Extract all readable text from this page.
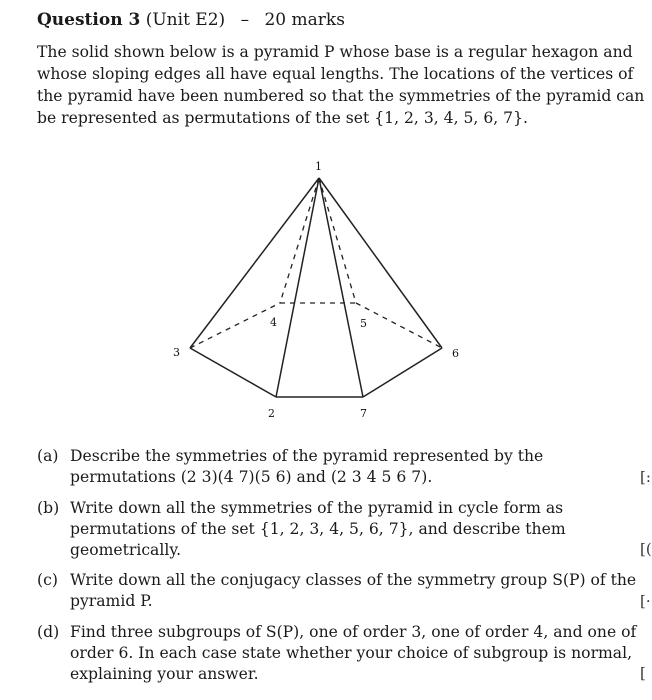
Question 3 (Unit E2) – 20 marks
The solid shown below is a pyramid P whose base is a regular hexagon and
whose sloping edges all have equal lengths. The locations of the vertices of
the pyramid have been numbered so that the symmetries of the pyramid can
be represented as permutations of the set {1, 2, 3, 4, 5, 6, 7}.
1
2
3
4	5
6
7
(a) Describe the symmetries of the pyramid represented by the
permutations (2 3)(4 7)(5 6) and (2 3 4 5 6 7).	[:
(b) Write down all the symmetries of the pyramid in cycle form as
permutations of the set {1, 2, 3, 4, 5, 6, 7}, and describe them
geometrically.	[(
(c) Write down all the conjugacy classes of the symmetry group S(P) of the
pyramid P.	[·
(d) Find three subgroups of S(P), one of order 3, one of order 4, and one of
order 6. In each case state whether your choice of subgroup is normal,
explaining your answer.	[
